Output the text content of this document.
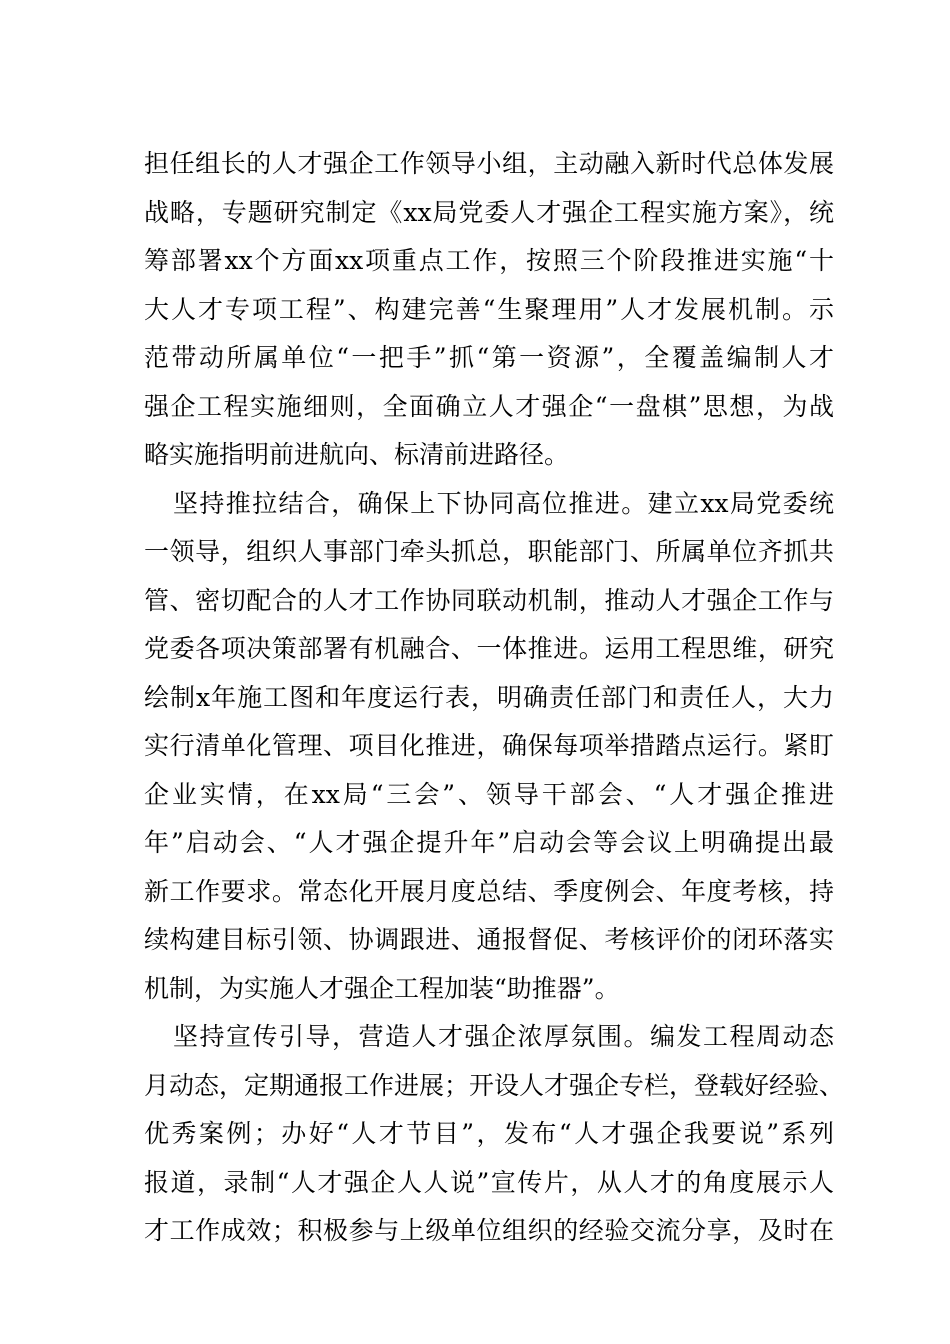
担任组长的人才强企工作领导小组，主动融入新时代总体发展
战略，专题研究制定《xx局党委人才强企工程实施方案》，统
筹部署xx个方面xx项重点工作，按照三个阶段推进实施“十
大人才专项工程”、构建完善“生聚理用”人才发展机制。示
范带动所属单位“一把手”抓“第一资源”，全覆盖编制人才
强企工程实施细则，全面确立人才强企“一盘棋”思想，为战
略实施指明前进航向、标清前进路径。
坚持推拉结合，确保上下协同高位推进。建立xx局党委统
一领导，组织人事部门牵头抓总，职能部门、所属单位齐抓共
管、密切配合的人才工作协同联动机制，推动人才强企工作与
党委各项决策部署有机融合、一体推进。运用工程思维，研究
绘制x年施工图和年度运行表，明确责任部门和责任人，大力
实行清单化管理、项目化推进，确保每项举措踏点运行。紧盯
企业实情，在xx局“三会”、领导干部会、“人才强企推进
年”启动会、“人才强企提升年”启动会等会议上明确提出最
新工作要求。常态化开展月度总结、季度例会、年度考核，持
续构建目标引领、协调跟进、通报督促、考核评价的闭环落实
机制，为实施人才强企工程加装“助推器”。
坚持宣传引导，营造人才强企浓厚氛围。编发工程周动态
月动态，定期通报工作进展；开设人才强企专栏，登载好经验、
优秀案例；办好“人才节目”，发布“人才强企我要说”系列
报道，录制“人才强企人人说”宣传片，从人才的角度展示人
才工作成效；积极参与上级单位组织的经验交流分享，及时在
